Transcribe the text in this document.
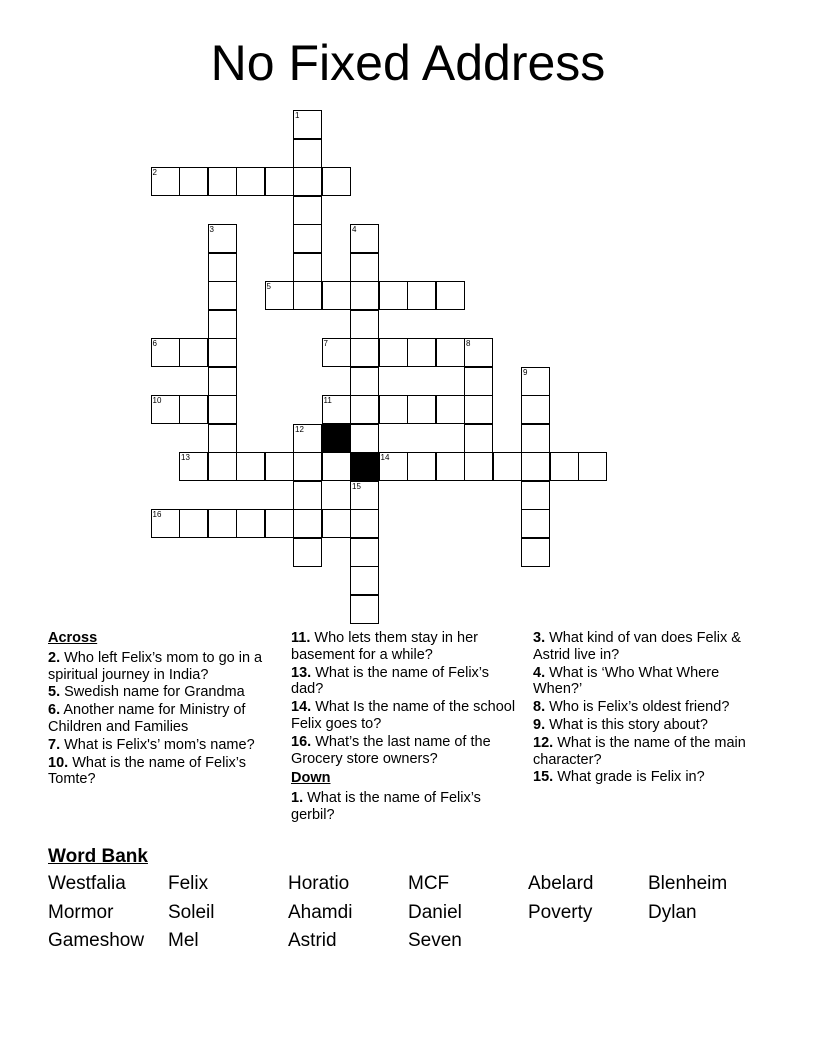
No Fixed Address
1
2
3	4
5
6	7	8
9
10	11
12
13	14
15
16
Across
2. Who left Felix’s mom to go in a spiritual journey in India?
5. Swedish name for Grandma
6. Another name for Ministry of Children and Families
7. What is Felix's’ mom’s name?
10. What is the name of Felix’s Tomte?
11. Who lets them stay in her basement for a while?
13. What is the name of Felix’s dad?
14. What Is the name of the school Felix goes to?
16. What’s the last name of the Grocery store owners?
Down
1. What is the name of Felix’s gerbil?
3. What kind of van does Felix & Astrid live in?
4. What is ‘Who What Where When?’
8. Who is Felix’s oldest friend?
9. What is this story about?
12. What is the name of the main character?
15. What grade is Felix in?
Word Bank
Westfalia	Felix	Horatio	MCF	Abelard	Blenheim
Mormor	Soleil	Ahamdi	Daniel	Poverty	Dylan
Gameshow	Mel	Astrid	Seven
